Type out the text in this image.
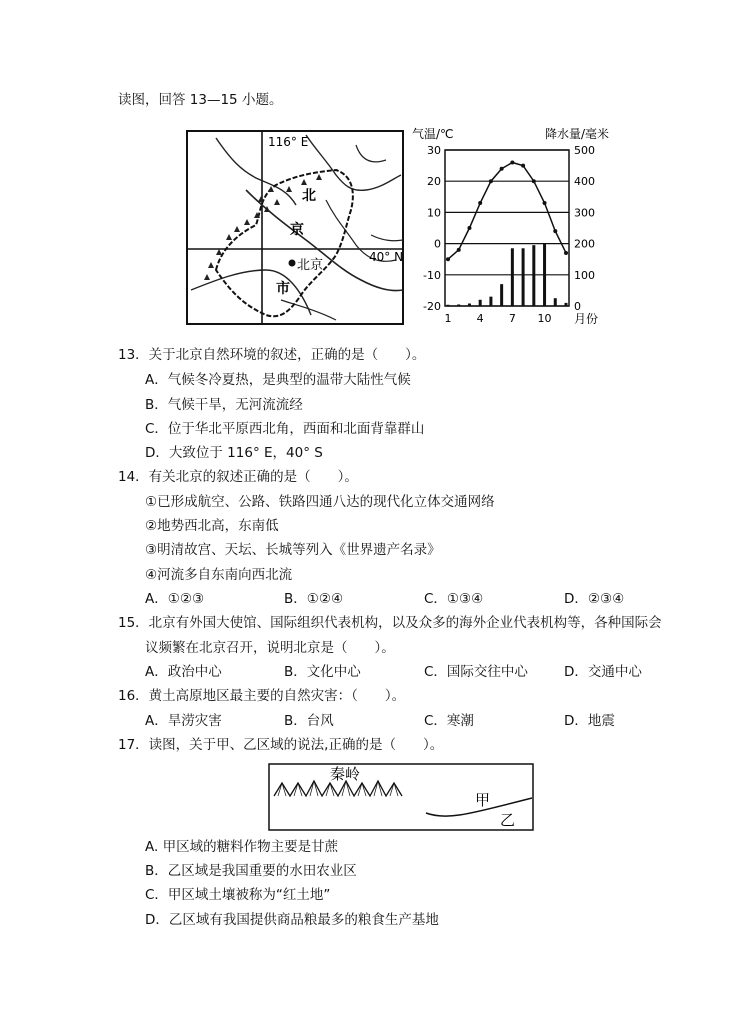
读图，回答 13—15 小题。
116° E
40° N
北
京
北京
市
气温/℃	降水量/毫米
30
20
10
0
-10
-20
500
400
300
200
100
0
1 4 7 10 月份
13．关于北京自然环境的叙述，正确的是（　　）。
A．气候冬冷夏热，是典型的温带大陆性气候
B．气候干旱，无河流流经
C．位于华北平原西北角，西面和北面背靠群山
D．大致位于 116° E，40° S
14．有关北京的叙述正确的是（　　）。
①已形成航空、公路、铁路四通八达的现代化立体交通网络
②地势西北高，东南低
③明清故宫、天坛、长城等列入《世界遗产名录》
④河流多自东南向西北流
A．①②③	B．①②④	C．①③④	D．②③④
15．北京有外国大使馆、国际组织代表机构，以及众多的海外企业代表机构等，各种国际会
议频繁在北京召开，说明北京是（　　）。
A．政治中心	B．文化中心	C．国际交往中心	D．交通中心
16．黄土高原地区最主要的自然灾害：（　　）。
A．旱涝灾害	B．台风	C．寒潮	D．地震
17．读图，关于甲、乙区域的说法,正确的是（　　）。
秦岭
甲
乙
A. 甲区域的糖料作物主要是甘蔗
B．乙区域是我国重要的水田农业区
C．甲区域土壤被称为“红土地”
D．乙区域有我国提供商品粮最多的粮食生产基地
